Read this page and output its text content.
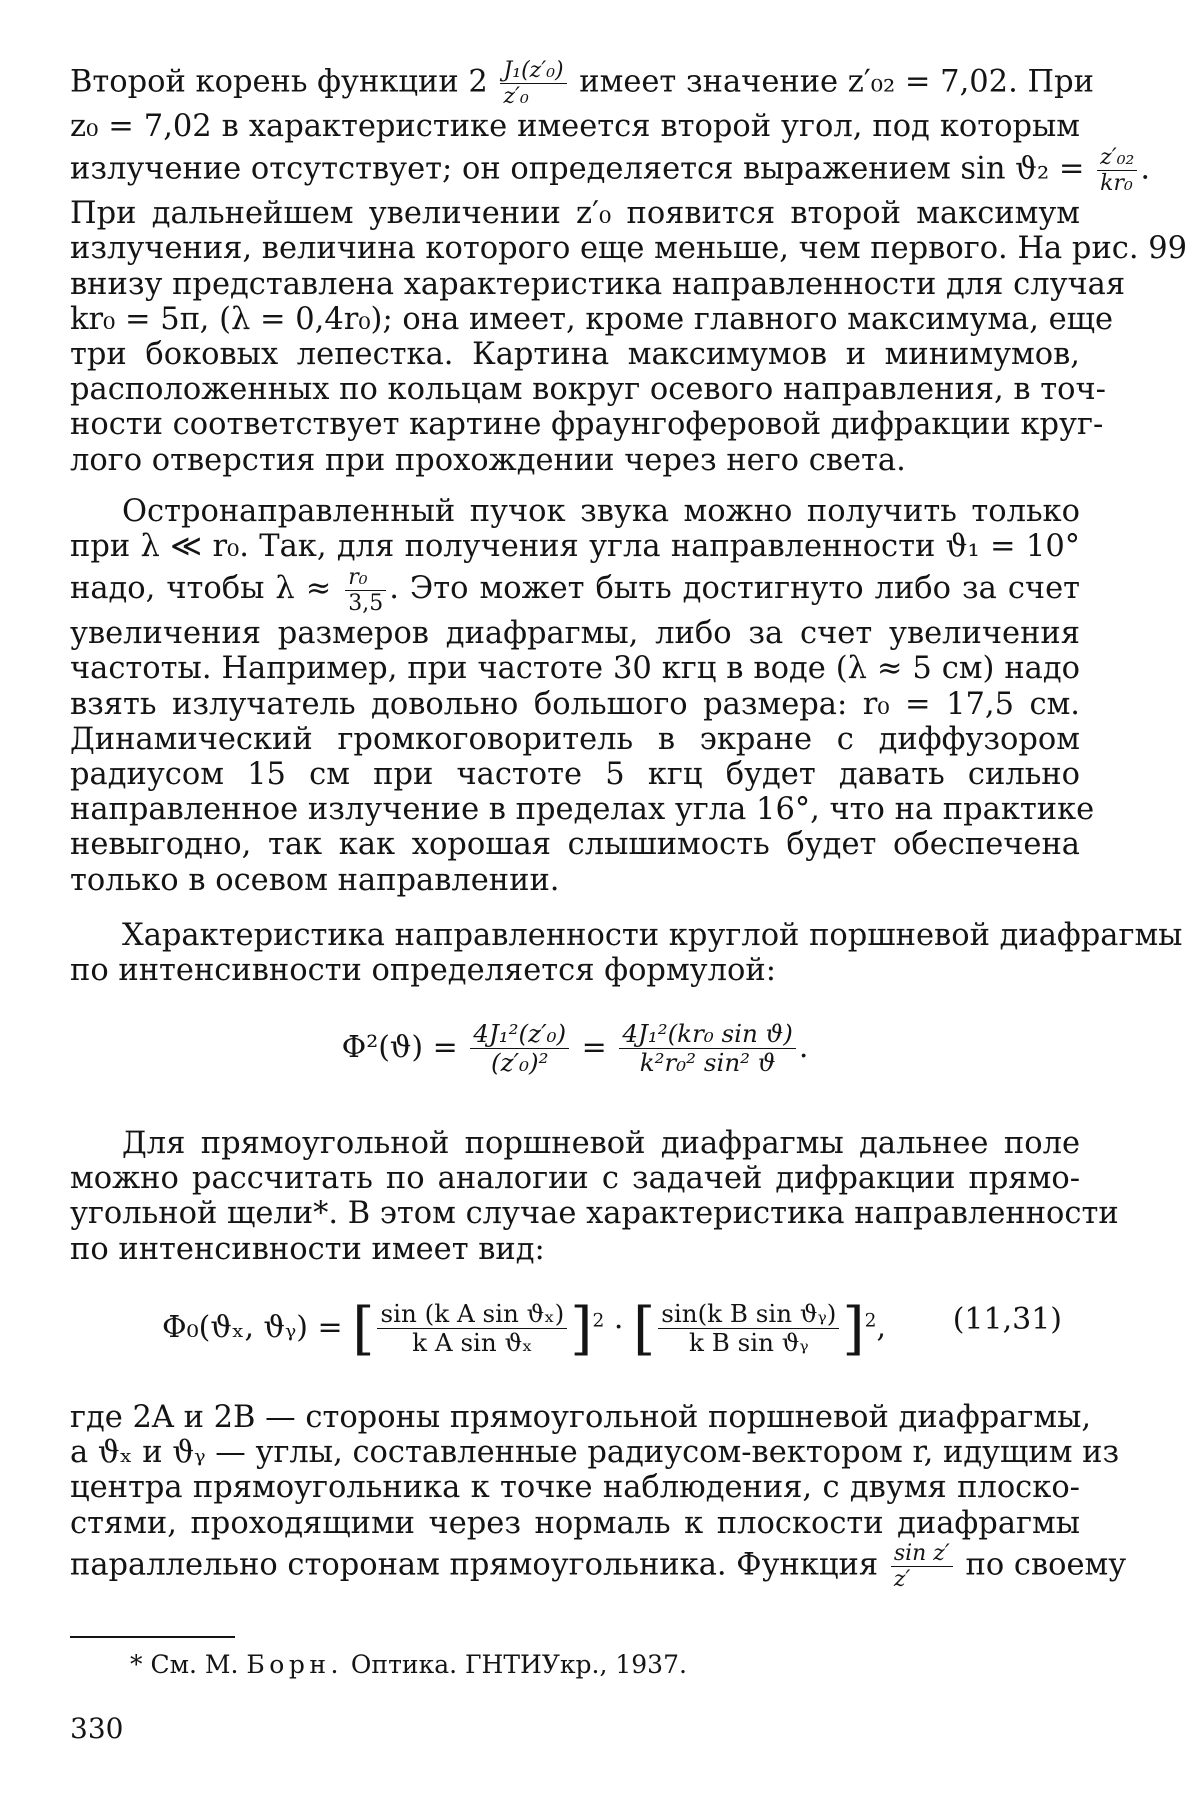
Второй корень функции $2 \frac{\text{J₁(z′₀)}}{\text{z′₀}}$ имеет значение z′₀₂ = 7,02. При
z₀ = 7,02 в характеристике имеется второй угол, под которым
излучение отсутствует; он определяется выражением $\sin ϑ_2 = \frac{\text{z′₀₂}}{\text{kr₀}}$ .
При дальнейшем увеличении z′₀ появится второй максимум
излучения, величина которого еще меньше, чем первого. На рис. 99
внизу представлена характеристика направленности для случая
kr₀ = 5π, (λ = 0,4r₀); она имеет, кроме главного максимума, еще
три боковых лепестка. Картина максимумов и минимумов,
расположенных по кольцам вокруг осевого направления, в точ-
ности соответствует картине фраунгоферовой дифракции круг-
лого отверстия при прохождении через него света.
Остронаправленный пучок звука можно получить только
при λ ≪ r₀. Так, для получения угла направленности ϑ₁ = 10°
надо, чтобы $\lambda \approx \frac{\text{r₀}}{3,5}$ . Это может быть достигнуто либо за счет
увеличения размеров диафрагмы, либо за счет увеличения
частоты. Например, при частоте 30 кгц в воде (λ ≈ 5 см) надо
взять излучатель довольно большого размера: r₀ = 17,5 см.
Динамический громкоговоритель в экране с диффузором
радиусом 15 см при частоте 5 кгц будет давать сильно
направленное излучение в пределах угла 16°, что на практике
невыгодно, так как хорошая слышимость будет обеспечена
только в осевом направлении.
Характеристика направленности круглой поршневой диафрагмы
по интенсивности определяется формулой:
$\Phi^2(ϑ) = \frac{\text{4J₁²(z′₀)}}{\text{(z′₀)²}} = \frac{\text{4J₁²(kr₀ sin ϑ)}}{\text{k²r₀² sin² ϑ}}$ .
Для прямоугольной поршневой диафрагмы дальнее поле
можно рассчитать по аналогии с задачей дифракции прямо-
угольной щели*. В этом случае характеристика направленности
по интенсивности имеет вид:
Φ₀(ϑₓ, ϑᵧ) = [ $\frac{\text{sin (k A sin ϑₓ)}}{\text{k A sin ϑₓ}} ]^2$ · [ $\frac{\text{sin(k B sin ϑᵧ)}}{\text{k B sin ϑᵧ}} ]^2$, (11,31)
где 2A и 2B — стороны прямоугольной поршневой диафрагмы,
а ϑₓ и ϑᵧ — углы, составленные радиусом-вектором r, идущим из
центра прямоугольника к точке наблюдения, с двумя плоско-
стями, проходящими через нормаль к плоскости диафрагмы
параллельно сторонам прямоугольника. Функция $\frac{\text{sin z′}}{z'}$ по своему
* См. М. Борн. Оптика. ГНТИУкр., 1937.
330
